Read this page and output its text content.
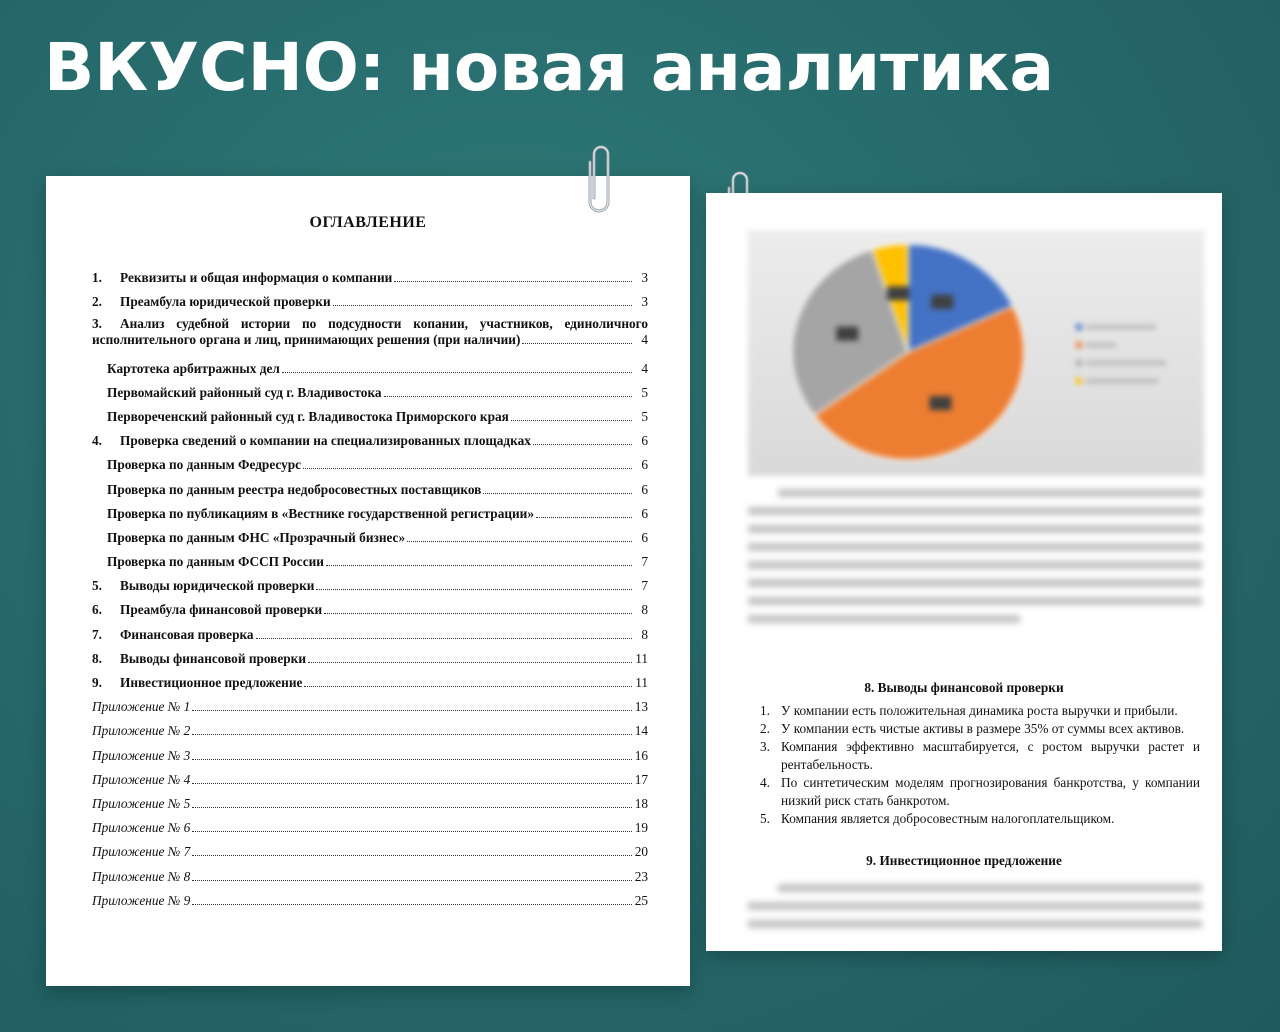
ВКУСНО: новая аналитика
ОГЛАВЛЕНИЕ
1.	Реквизиты и общая информация о компании	3
2.	Преамбула юридической проверки	3
3.	Анализ судебной истории по подсудности копании, участников, единоличного
исполнительного органа и лиц, принимающих решения (при наличии)	4
Картотека арбитражных дел	4
Первомайский районный суд г. Владивостока	5
Первореченский районный суд г. Владивостока Приморского края	5
4.	Проверка сведений о компании на специализированных площадках	6
Проверка по данным Федресурс	6
Проверка по данным реестра недобросовестных поставщиков	6
Проверка по публикациям в «Вестнике государственной регистрации»	6
Проверка по данным ФНС «Прозрачный бизнес»	6
Проверка по данным ФССП России	7
5.	Выводы юридической проверки	7
6.	Преамбула финансовой проверки	8
7.	Финансовая проверка	8
8.	Выводы финансовой проверки	11
9.	Инвестиционное предложение	11
Приложение № 1	13
Приложение № 2	14
Приложение № 3	16
Приложение № 4	17
Приложение № 5	18
Приложение № 6	19
Приложение № 7	20
Приложение № 8	23
Приложение № 9	25
8. Выводы финансовой проверки
1. У компании есть положительная динамика роста выручки и прибыли.
2. У компании есть чистые активы в размере 35% от суммы всех активов.
3. Компания эффективно масштабируется, с ростом выручки растет и рентабельность.
4. По синтетическим моделям прогнозирования банкротства, у компании низкий риск стать банкротом.
5. Компания является добросовестным налогоплательщиком.
9. Инвестиционное предложение
